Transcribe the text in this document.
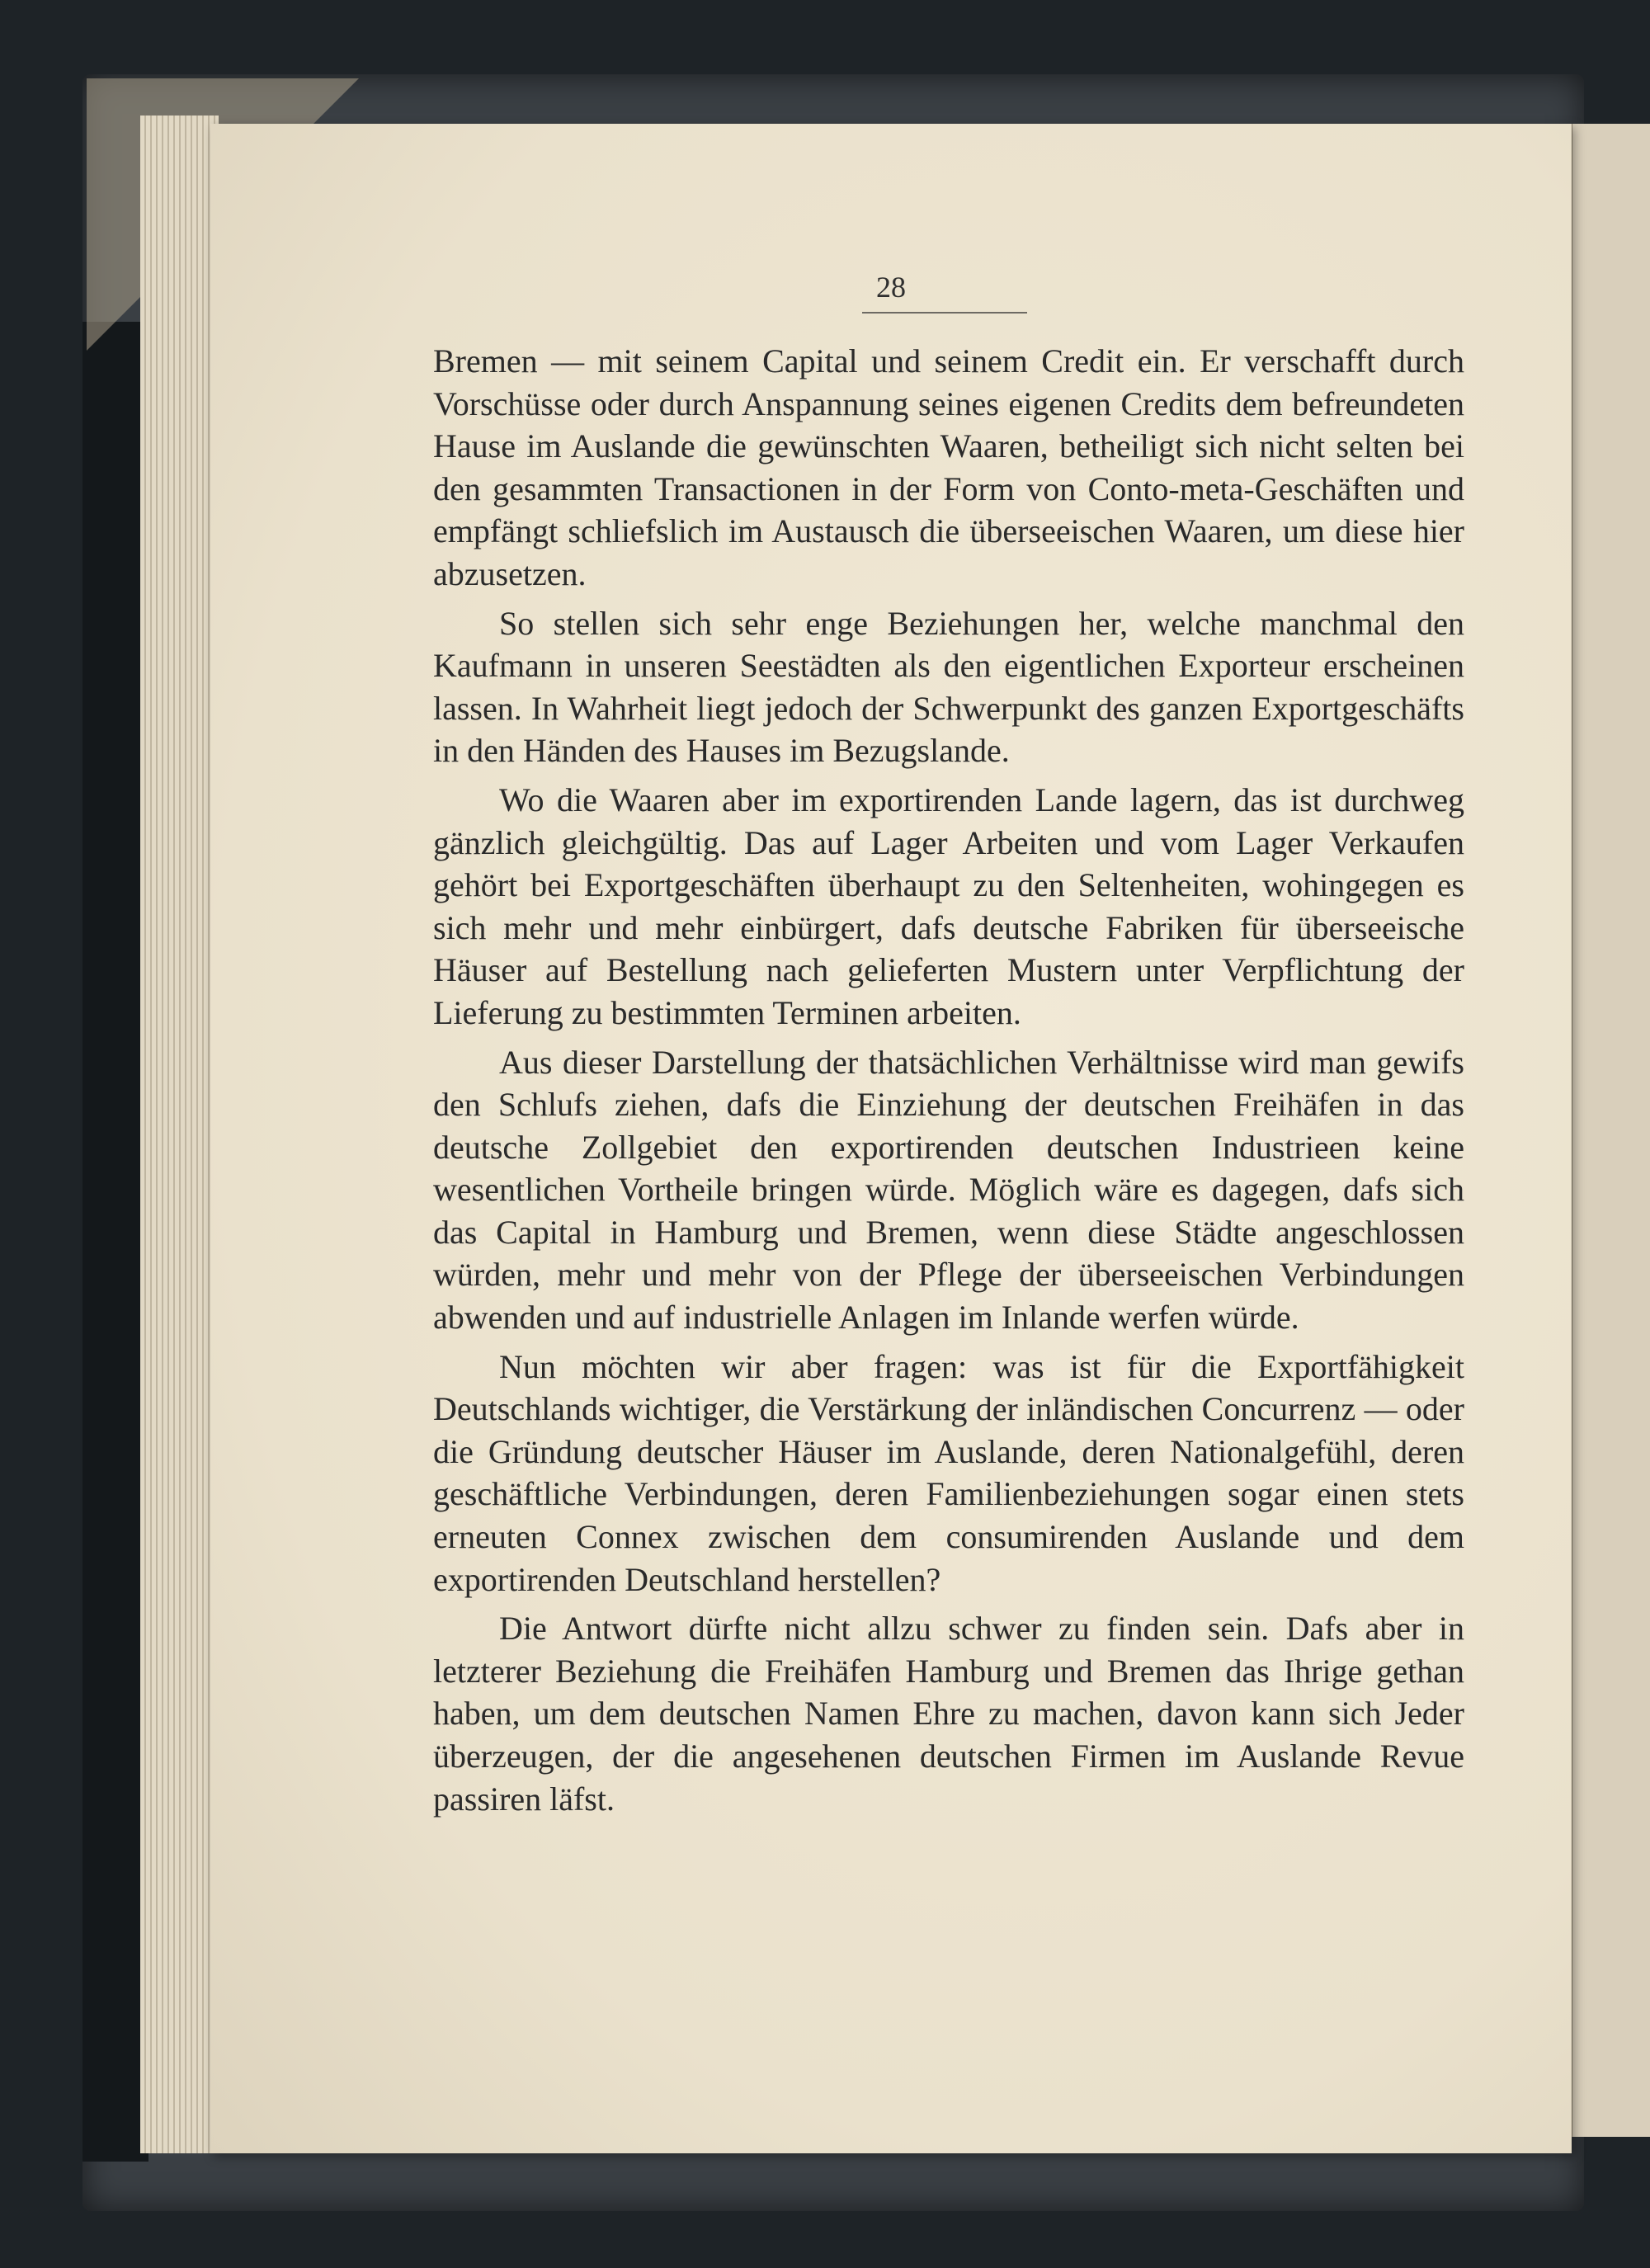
28

Bremen — mit seinem Capital und seinem Credit ein. Er verschafft durch Vorschüsse oder durch Anspannung seines eigenen Credits dem befreundeten Hause im Auslande die gewünschten Waaren, betheiligt sich nicht selten bei den gesammten Transactionen in der Form von Conto-meta-Geschäften und empfängt schliefslich im Austausch die überseeischen Waaren, um diese hier abzusetzen.

So stellen sich sehr enge Beziehungen her, welche manchmal den Kaufmann in unseren Seestädten als den eigentlichen Exporteur erscheinen lassen. In Wahrheit liegt jedoch der Schwerpunkt des ganzen Exportgeschäfts in den Händen des Hauses im Bezugslande.

Wo die Waaren aber im exportirenden Lande lagern, das ist durchweg gänzlich gleichgültig. Das auf Lager Arbeiten und vom Lager Verkaufen gehört bei Exportgeschäften überhaupt zu den Seltenheiten, wohingegen es sich mehr und mehr einbürgert, dafs deutsche Fabriken für überseeische Häuser auf Bestellung nach gelieferten Mustern unter Verpflichtung der Lieferung zu bestimmten Terminen arbeiten.

Aus dieser Darstellung der thatsächlichen Verhältnisse wird man gewifs den Schlufs ziehen, dafs die Einziehung der deutschen Freihäfen in das deutsche Zollgebiet den exportirenden deutschen Industrieen keine wesentlichen Vortheile bringen würde. Möglich wäre es dagegen, dafs sich das Capital in Hamburg und Bremen, wenn diese Städte angeschlossen würden, mehr und mehr von der Pflege der überseeischen Verbindungen abwenden und auf industrielle Anlagen im Inlande werfen würde.

Nun möchten wir aber fragen: was ist für die Exportfähigkeit Deutschlands wichtiger, die Verstärkung der inländischen Concurrenz — oder die Gründung deutscher Häuser im Auslande, deren Nationalgefühl, deren geschäftliche Verbindungen, deren Familienbeziehungen sogar einen stets erneuten Connex zwischen dem consumirenden Auslande und dem exportirenden Deutschland herstellen?

Die Antwort dürfte nicht allzu schwer zu finden sein. Dafs aber in letzterer Beziehung die Freihäfen Hamburg und Bremen das Ihrige gethan haben, um dem deutschen Namen Ehre zu machen, davon kann sich Jeder überzeugen, der die angesehenen deutschen Firmen im Auslande Revue passiren läfst.
